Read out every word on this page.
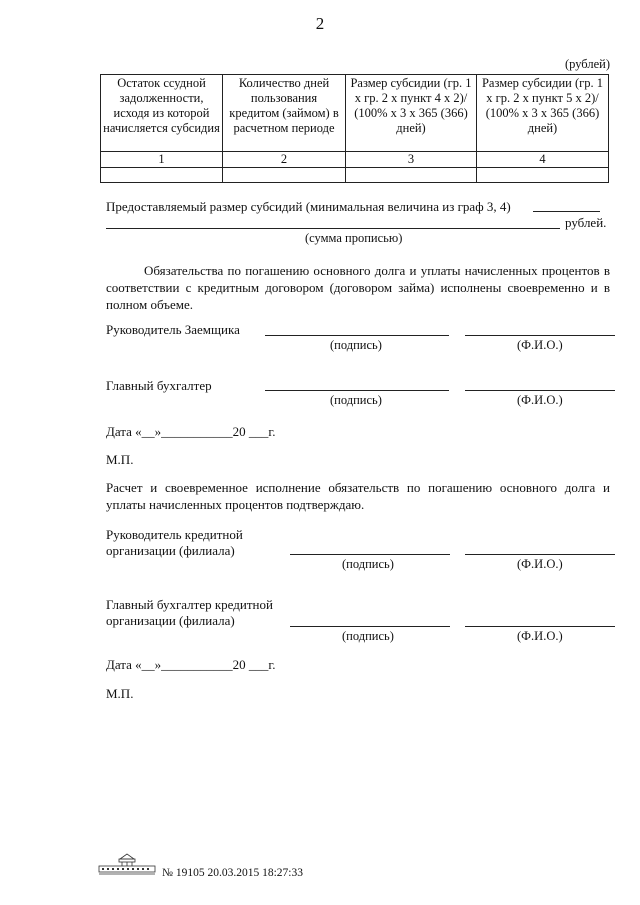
2
(рублей)
Остаток ссудной задолженности, исходя из которой начисляется субсидия	Количество дней пользования кредитом (займом) в расчетном периоде	Размер субсидии (гр. 1 х гр. 2 х пункт 4 х 2)/ (100% х 3 х 365 (366) дней)	Размер субсидии (гр. 1 х гр. 2 х пункт 5 х 2)/ (100% х 3 х 365 (366) дней)
1	2	3	4

Предоставляемый размер субсидий (минимальная величина из граф 3, 4)
рублей.
(сумма прописью)
Обязательства по погашению основного долга и уплаты начисленных процентов в соответствии с кредитным договором (договором займа) исполнены своевременно и в полном объеме.
Руководитель Заемщика
(подпись)	(Ф.И.О.)
Главный бухгалтер
(подпись)	(Ф.И.О.)
Дата «__»___________20 ___г.
М.П.
Расчет и своевременное исполнение обязательств по погашению основного долга и уплаты начисленных процентов подтверждаю.
Руководитель кредитной
организации (филиала)
(подпись)	(Ф.И.О.)
Главный бухгалтер кредитной
организации (филиала)
(подпись)	(Ф.И.О.)
Дата «__»___________20 ___г.
М.П.
№ 19105 20.03.2015 18:27:33
